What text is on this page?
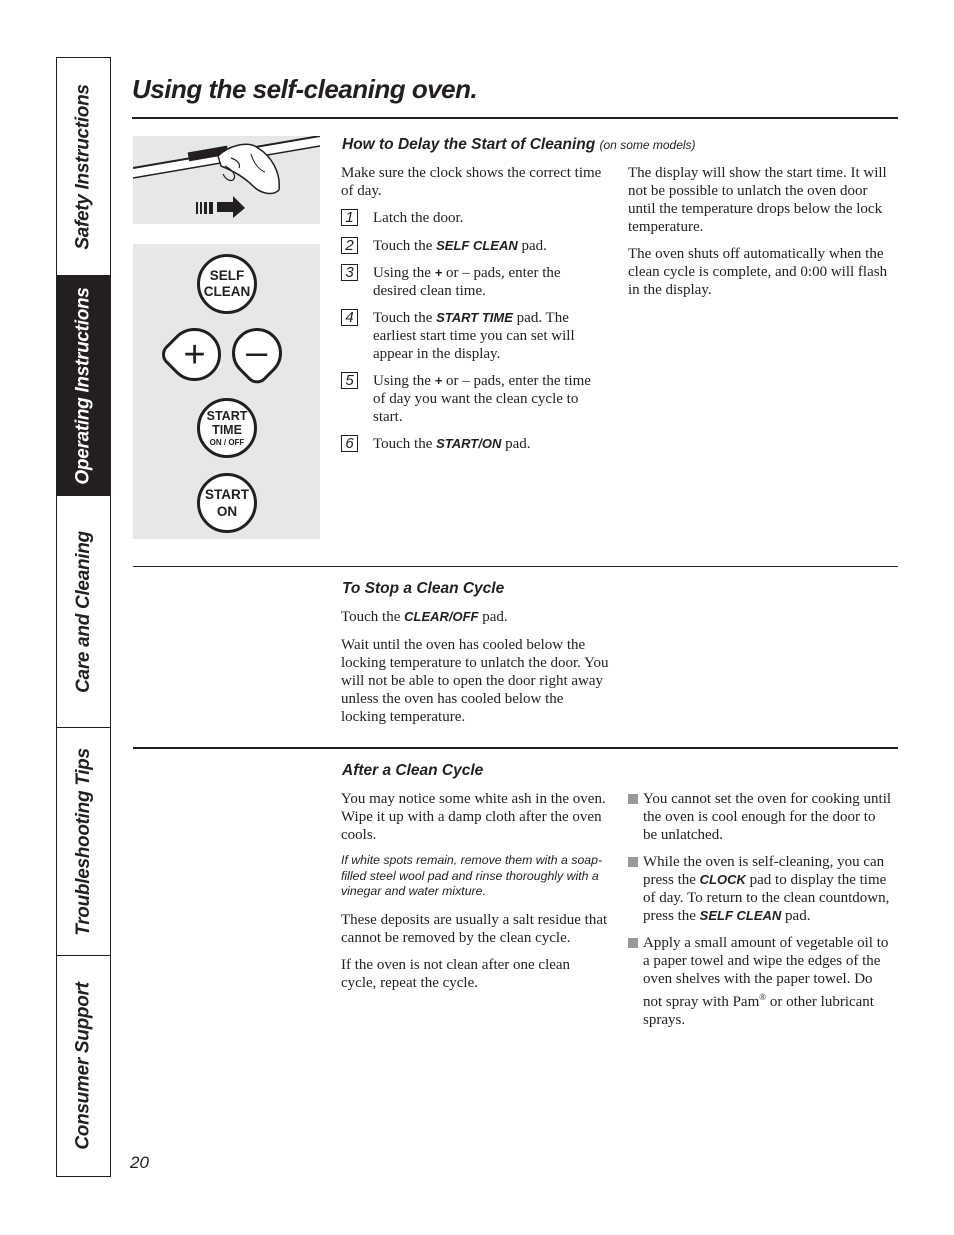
Safety Instructions
Operating Instructions
Care and Cleaning
Troubleshooting Tips
Consumer Support
Using the self-cleaning oven.
SELF
CLEAN
+ –
START
TIME
ON / OFF
START
ON
How to Delay the Start of Cleaning (on some models)

Make sure the clock shows the correct time of day.

1 Latch the door.
2 Touch the SELF CLEAN pad.
3 Using the + or – pads, enter the desired clean time.
4 Touch the START TIME pad. The earliest start time you can set will appear in the display.
5 Using the + or – pads, enter the time of day you want the clean cycle to start.
6 Touch the START/ON pad.

The display will show the start time. It will not be possible to unlatch the oven door until the temperature drops below the lock temperature.

The oven shuts off automatically when the clean cycle is complete, and 0:00 will flash in the display.

To Stop a Clean Cycle

Touch the CLEAR/OFF pad.

Wait until the oven has cooled below the locking temperature to unlatch the door. You will not be able to open the door right away unless the oven has cooled below the locking temperature.

After a Clean Cycle

You may notice some white ash in the oven. Wipe it up with a damp cloth after the oven cools.

If white spots remain, remove them with a soap-filled steel wool pad and rinse thoroughly with a vinegar and water mixture.

These deposits are usually a salt residue that cannot be removed by the clean cycle.

If the oven is not clean after one clean cycle, repeat the cycle.

You cannot set the oven for cooking until the oven is cool enough for the door to be unlatched.
While the oven is self-cleaning, you can press the CLOCK pad to display the time of day. To return to the clean countdown, press the SELF CLEAN pad.
Apply a small amount of vegetable oil to a paper towel and wipe the edges of the oven shelves with the paper towel. Do not spray with Pam® or other lubricant sprays.
20
